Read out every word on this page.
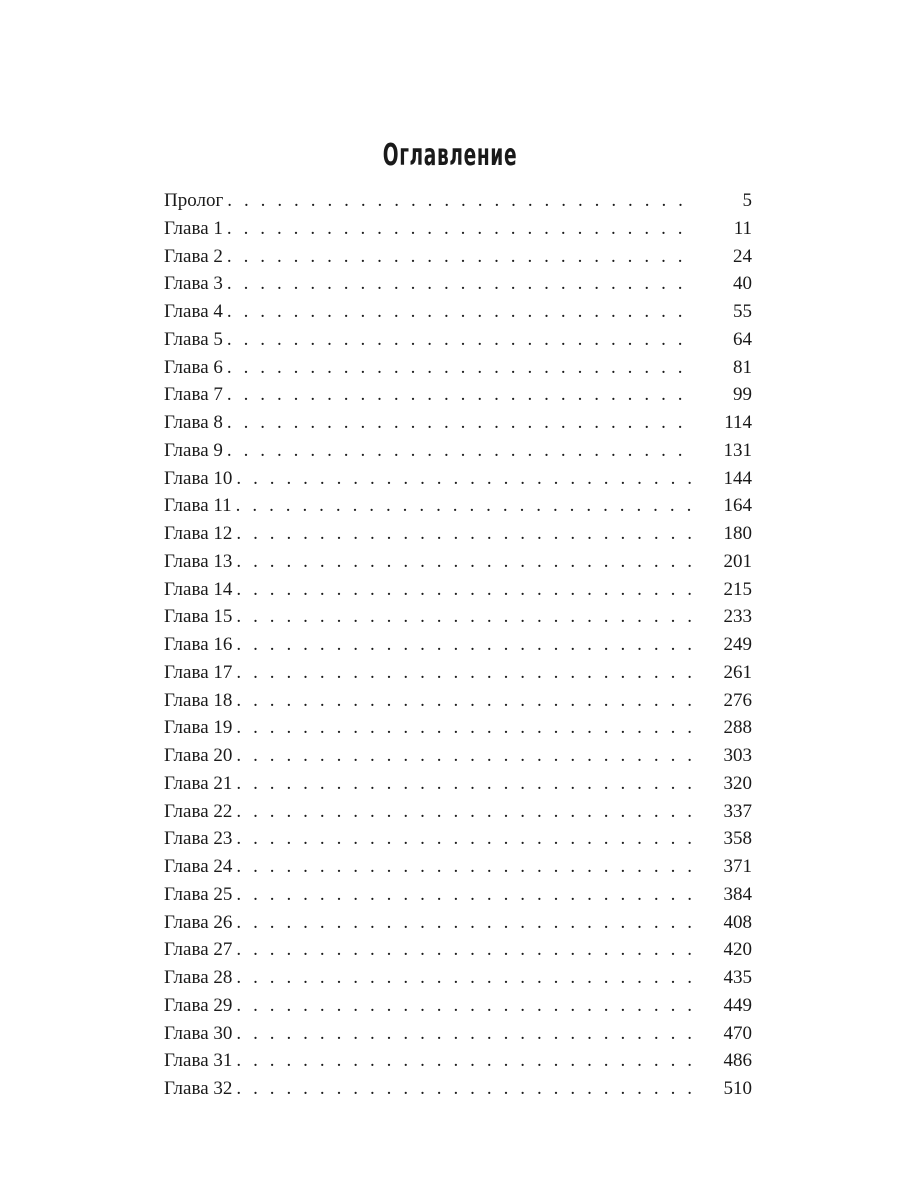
Оглавление
Пролог . . .	5
Глава 1 . . .	11
Глава 2 . . .	24
Глава 3 . . .	40
Глава 4 . . .	55
Глава 5 . . .	64
Глава 6 . . .	81
Глава 7 . . .	99
Глава 8 . . .	114
Глава 9 . . .	131
Глава 10 . . .	144
Глава 11 . . .	164
Глава 12 . . .	180
Глава 13 . . .	201
Глава 14 . . .	215
Глава 15 . . .	233
Глава 16 . . .	249
Глава 17 . . .	261
Глава 18 . . .	276
Глава 19 . . .	288
Глава 20 . . .	303
Глава 21 . . .	320
Глава 22 . . .	337
Глава 23 . . .	358
Глава 24 . . .	371
Глава 25 . . .	384
Глава 26 . . .	408
Глава 27 . . .	420
Глава 28 . . .	435
Глава 29 . . .	449
Глава 30 . . .	470
Глава 31 . . .	486
Глава 32 . . .	510
